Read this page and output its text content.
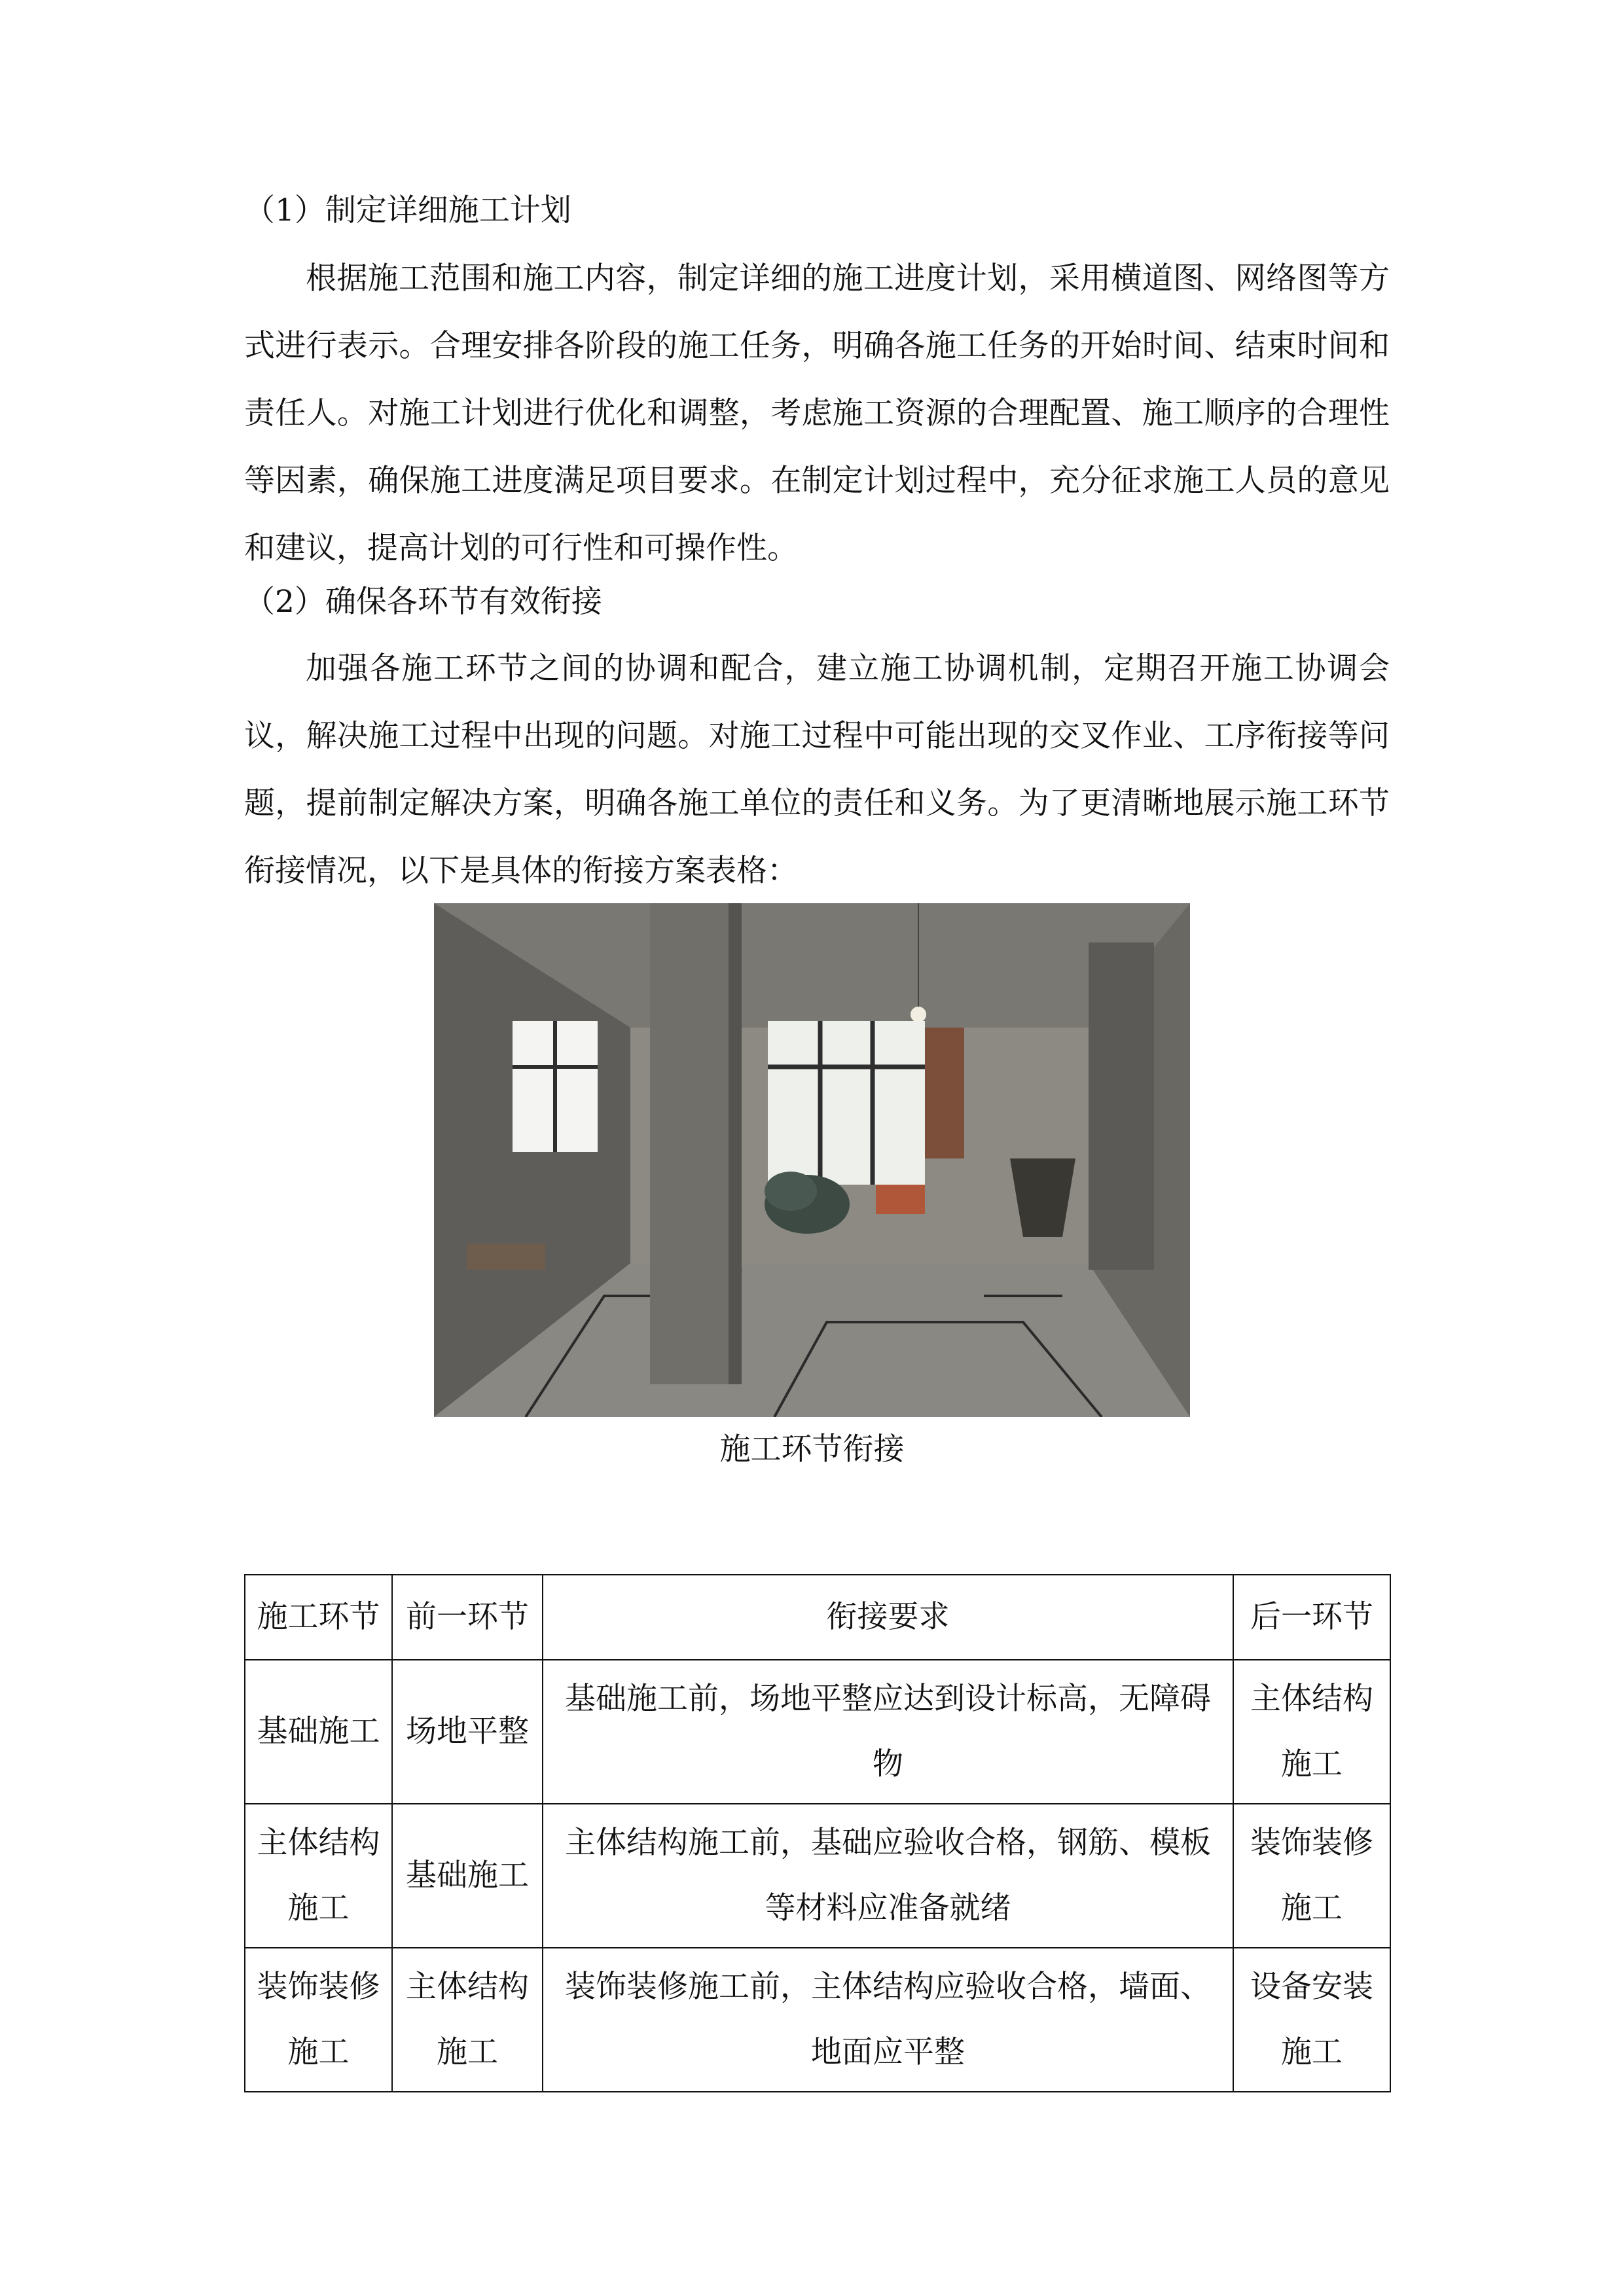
（1）制定详细施工计划
根据施工范围和施工内容，制定详细的施工进度计划，采用横道图、网络图等方式进行表示。合理安排各阶段的施工任务，明确各施工任务的开始时间、结束时间和责任人。对施工计划进行优化和调整，考虑施工资源的合理配置、施工顺序的合理性等因素，确保施工进度满足项目要求。在制定计划过程中，充分征求施工人员的意见和建议，提高计划的可行性和可操作性。
（2）确保各环节有效衔接
加强各施工环节之间的协调和配合，建立施工协调机制，定期召开施工协调会议，解决施工过程中出现的问题。对施工过程中可能出现的交叉作业、工序衔接等问题，提前制定解决方案，明确各施工单位的责任和义务。为了更清晰地展示施工环节衔接情况，以下是具体的衔接方案表格：
施工环节衔接
施工环节	前一环节	衔接要求	后一环节
基础施工	场地平整	基础施工前，场地平整应达到设计标高，无障碍物	主体结构施工
主体结构施工	基础施工	主体结构施工前，基础应验收合格，钢筋、模板等材料应准备就绪	装饰装修施工
装饰装修施工	主体结构施工	装饰装修施工前，主体结构应验收合格，墙面、地面应平整	设备安装施工
